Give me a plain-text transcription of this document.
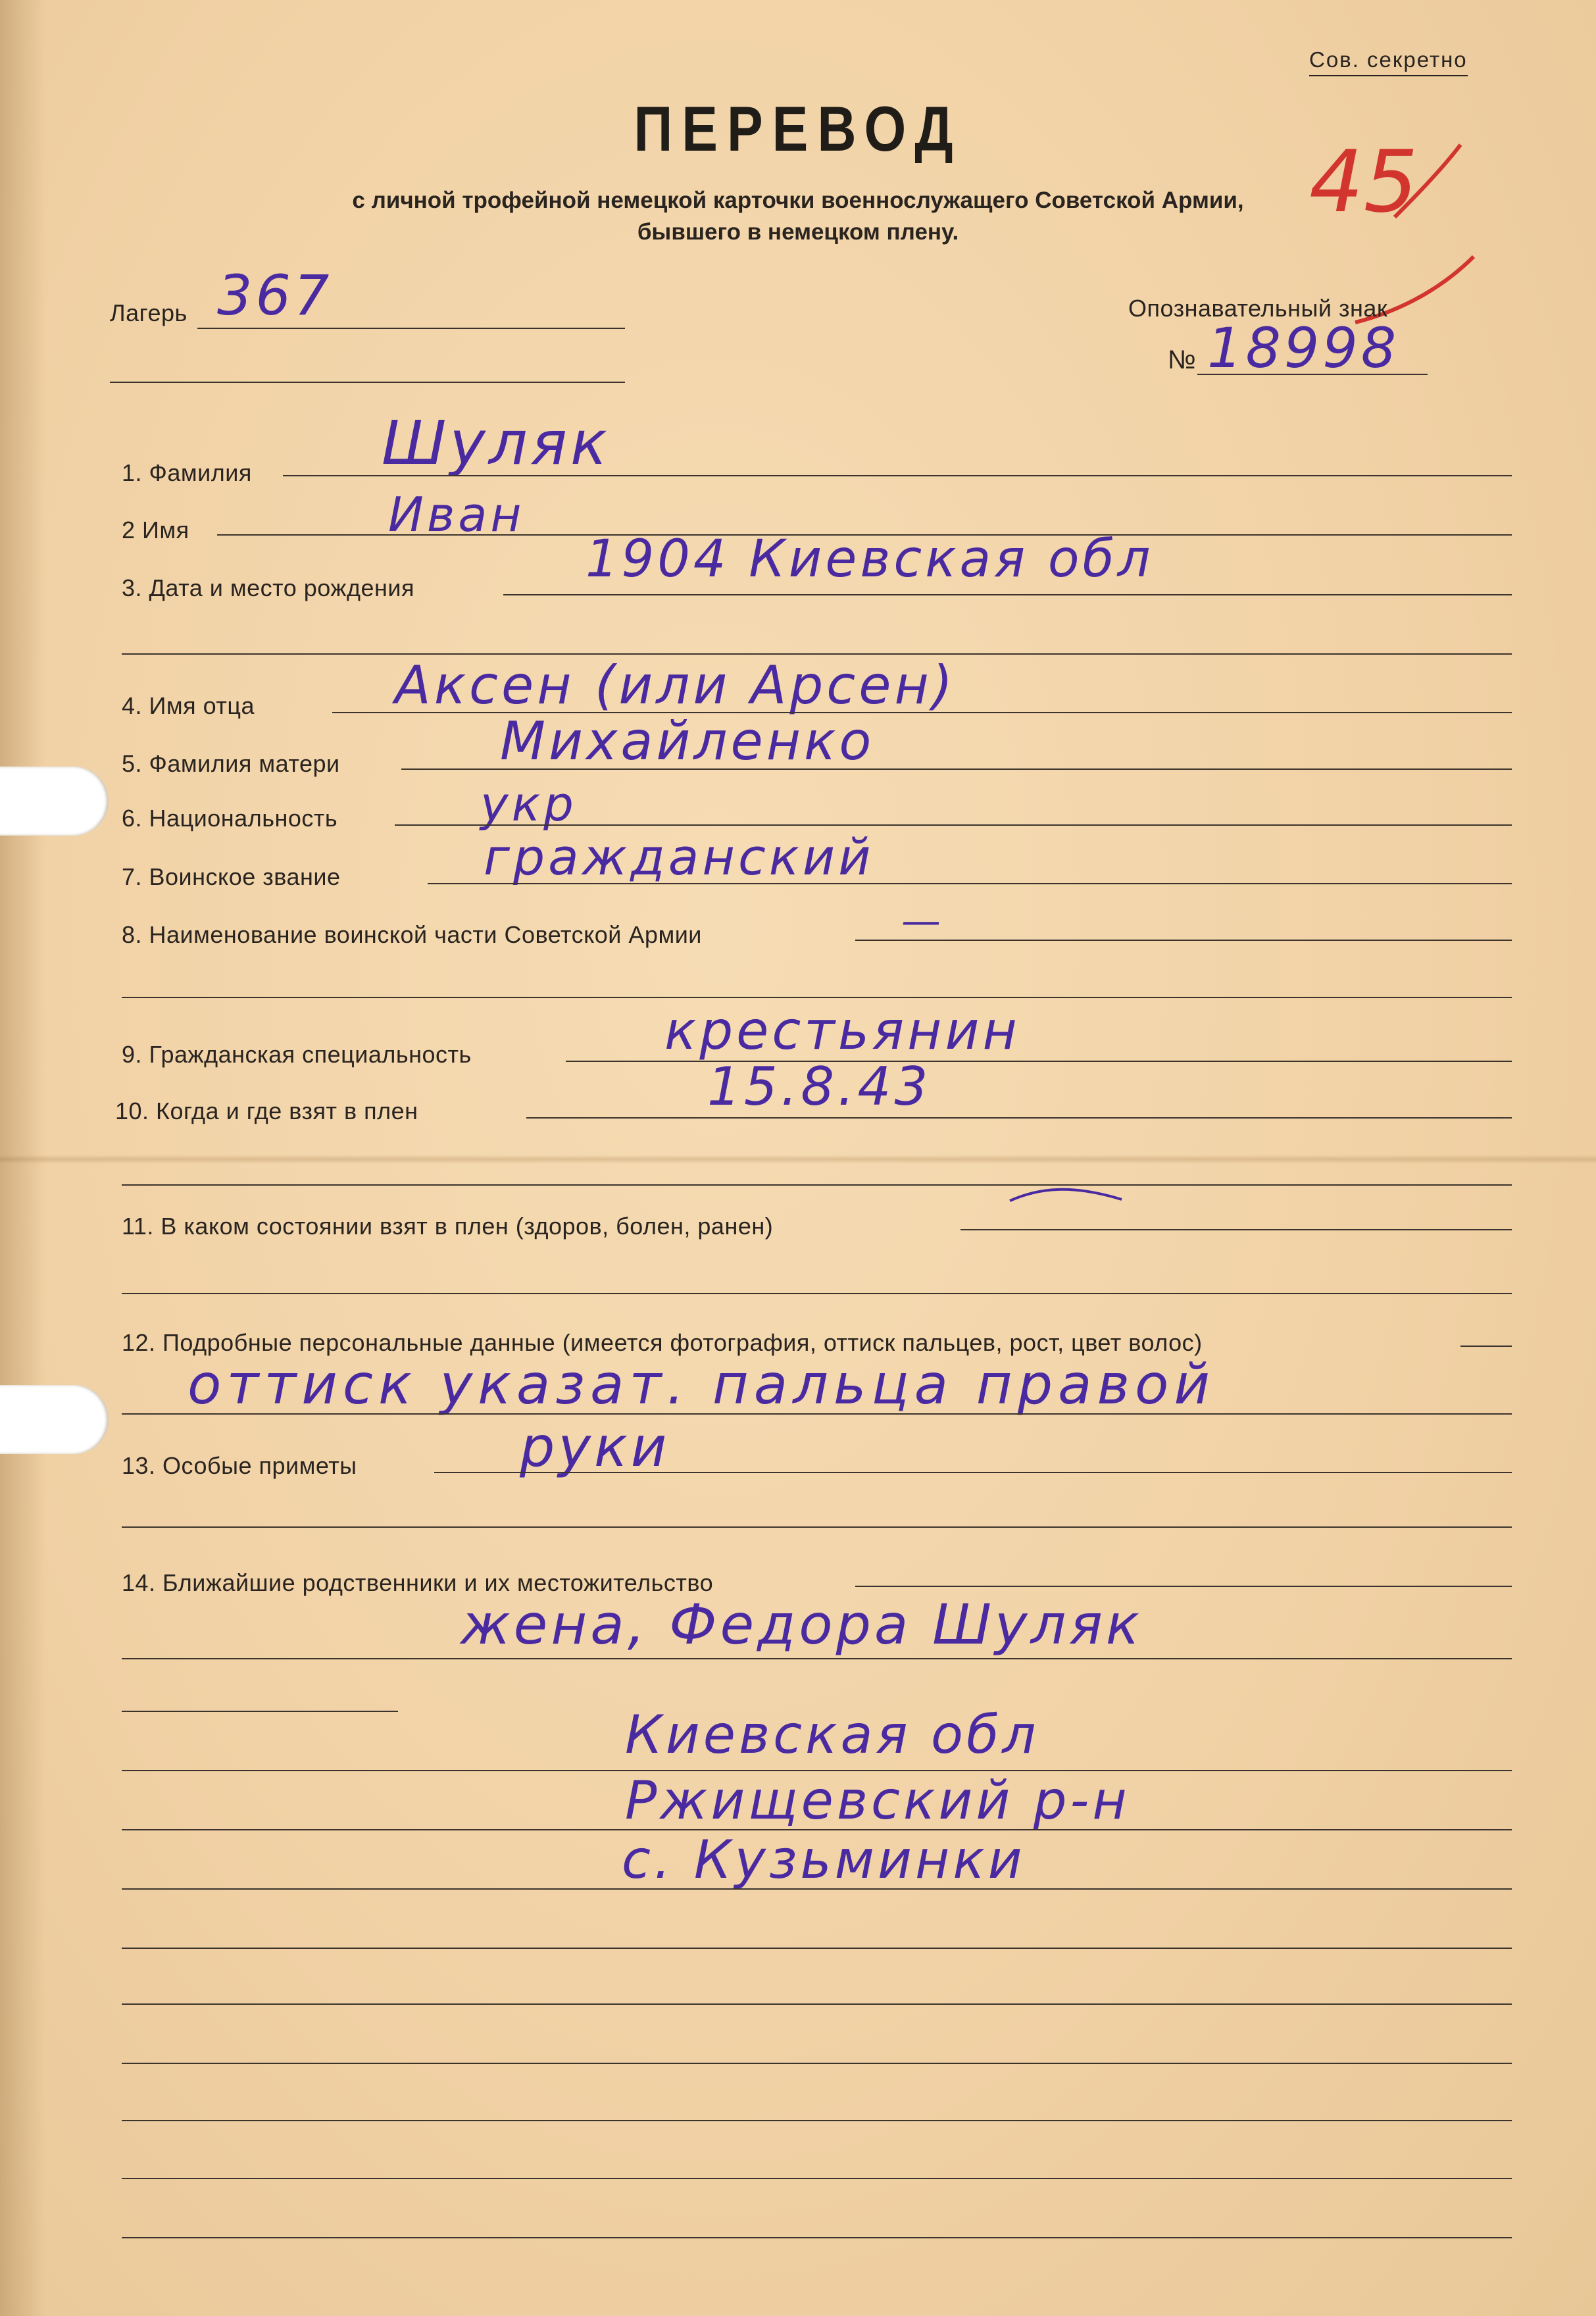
Сов. секретно
ПЕРЕВОД
с личной трофейной немецкой карточки военнослужащего Советской Армии,
бывшего в немецком плену.
45
Лагерь 367	Опознавательный знак
№ 18998
1. Фамилия Шуляк
2 Имя	Иван
3. Дата и место рождения	1904 Киевская обл
4. Имя отца	Аксен (или Арсен)
5. Фамилия матери	Михайленко
6. Национальность	укр
7. Воинское звание	гражданский
8. Наименование воинской части Советской Армии	—
9. Гражданская специальность	крестьянин
10. Когда и где взят в плен	15.8.43
11. В каком состоянии взят в плен (здоров, болен, ранен)
12. Подробные персональные данные (имеется фотография, оттиск пальцев, рост, цвет волос)
оттиск указат. пальца правой
13. Особые приметы	руки
14. Ближайшие родственники и их местожительство
жена, Федора Шуляк
Киевская обл
Ржищевский р-н
с. Кузьминки
